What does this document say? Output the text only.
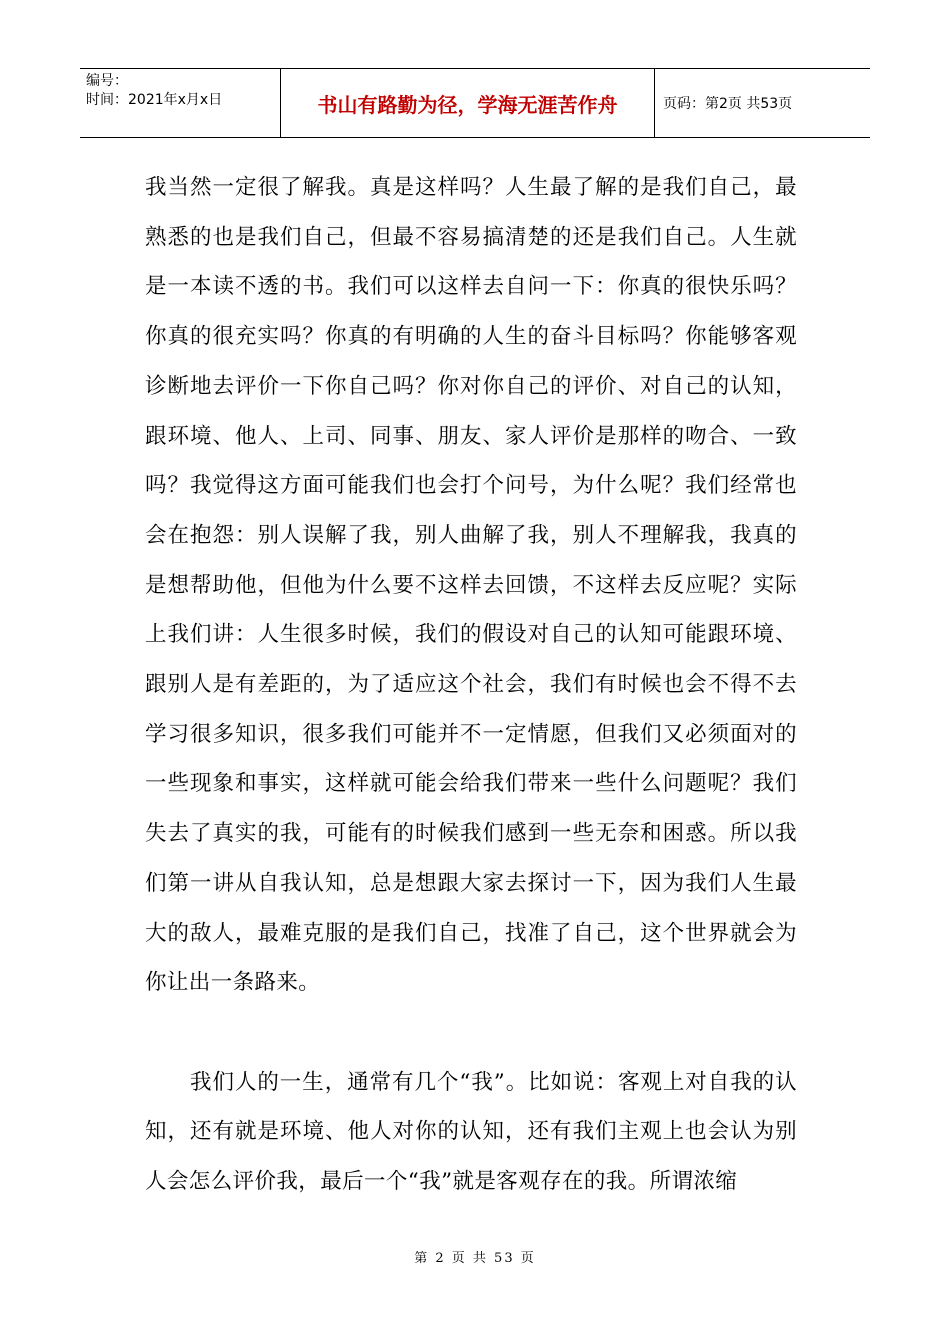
编号：
时间：2021年x月x日	书山有路勤为径，学海无涯苦作舟	页码：第2页 共53页

我当然一定很了解我。真是这样吗？人生最了解的是我们自己，最熟悉的也是我们自己，但最不容易搞清楚的还是我们自己。人生就是一本读不透的书。我们可以这样去自问一下：你真的很快乐吗？你真的很充实吗？你真的有明确的人生的奋斗目标吗？你能够客观诊断地去评价一下你自己吗？你对你自己的评价、对自己的认知，跟环境、他人、上司、同事、朋友、家人评价是那样的吻合、一致吗？我觉得这方面可能我们也会打个问号，为什么呢？我们经常也会在抱怨：别人误解了我，别人曲解了我，别人不理解我，我真的是想帮助他，但他为什么要不这样去回馈，不这样去反应呢？实际上我们讲：人生很多时候，我们的假设对自己的认知可能跟环境、跟别人是有差距的，为了适应这个社会，我们有时候也会不得不去学习很多知识，很多我们可能并不一定情愿，但我们又必须面对的一些现象和事实，这样就可能会给我们带来一些什么问题呢？我们失去了真实的我，可能有的时候我们感到一些无奈和困惑。所以我们第一讲从自我认知，总是想跟大家去探讨一下，因为我们人生最大的敌人，最难克服的是我们自己，找准了自己，这个世界就会为你让出一条路来。

我们人的一生，通常有几个“我”。比如说：客观上对自我的认知，还有就是环境、他人对你的认知，还有我们主观上也会认为别人会怎么评价我，最后一个“我”就是客观存在的我。所谓浓缩

第 2 页 共 53 页
